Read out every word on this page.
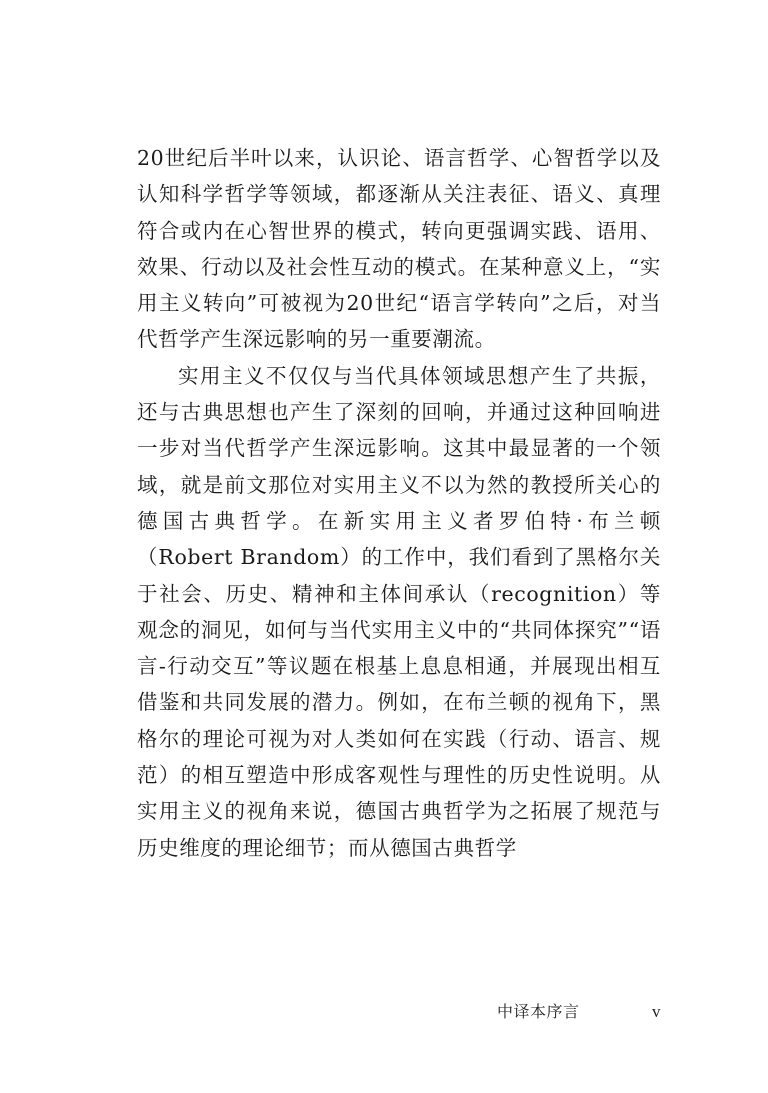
20世纪后半叶以来，认识论、语言哲学、心智哲学以及认知科学哲学等领域，都逐渐从关注表征、语义、真理符合或内在心智世界的模式，转向更强调实践、语用、效果、行动以及社会性互动的模式。在某种意义上，“实用主义转向”可被视为20世纪“语言学转向”之后，对当代哲学产生深远影响的另一重要潮流。

实用主义不仅仅与当代具体领域思想产生了共振，还与古典思想也产生了深刻的回响，并通过这种回响进一步对当代哲学产生深远影响。这其中最显著的一个领域，就是前文那位对实用主义不以为然的教授所关心的德国古典哲学。在新实用主义者罗伯特·布兰顿（Robert Brandom）的工作中，我们看到了黑格尔关于社会、历史、精神和主体间承认（recognition）等观念的洞见，如何与当代实用主义中的“共同体探究”“语言-行动交互”等议题在根基上息息相通，并展现出相互借鉴和共同发展的潜力。例如，在布兰顿的视角下，黑格尔的理论可视为对人类如何在实践（行动、语言、规范）的相互塑造中形成客观性与理性的历史性说明。从实用主义的视角来说，德国古典哲学为之拓展了规范与历史维度的理论细节；而从德国古典哲学

中译本序言	v
